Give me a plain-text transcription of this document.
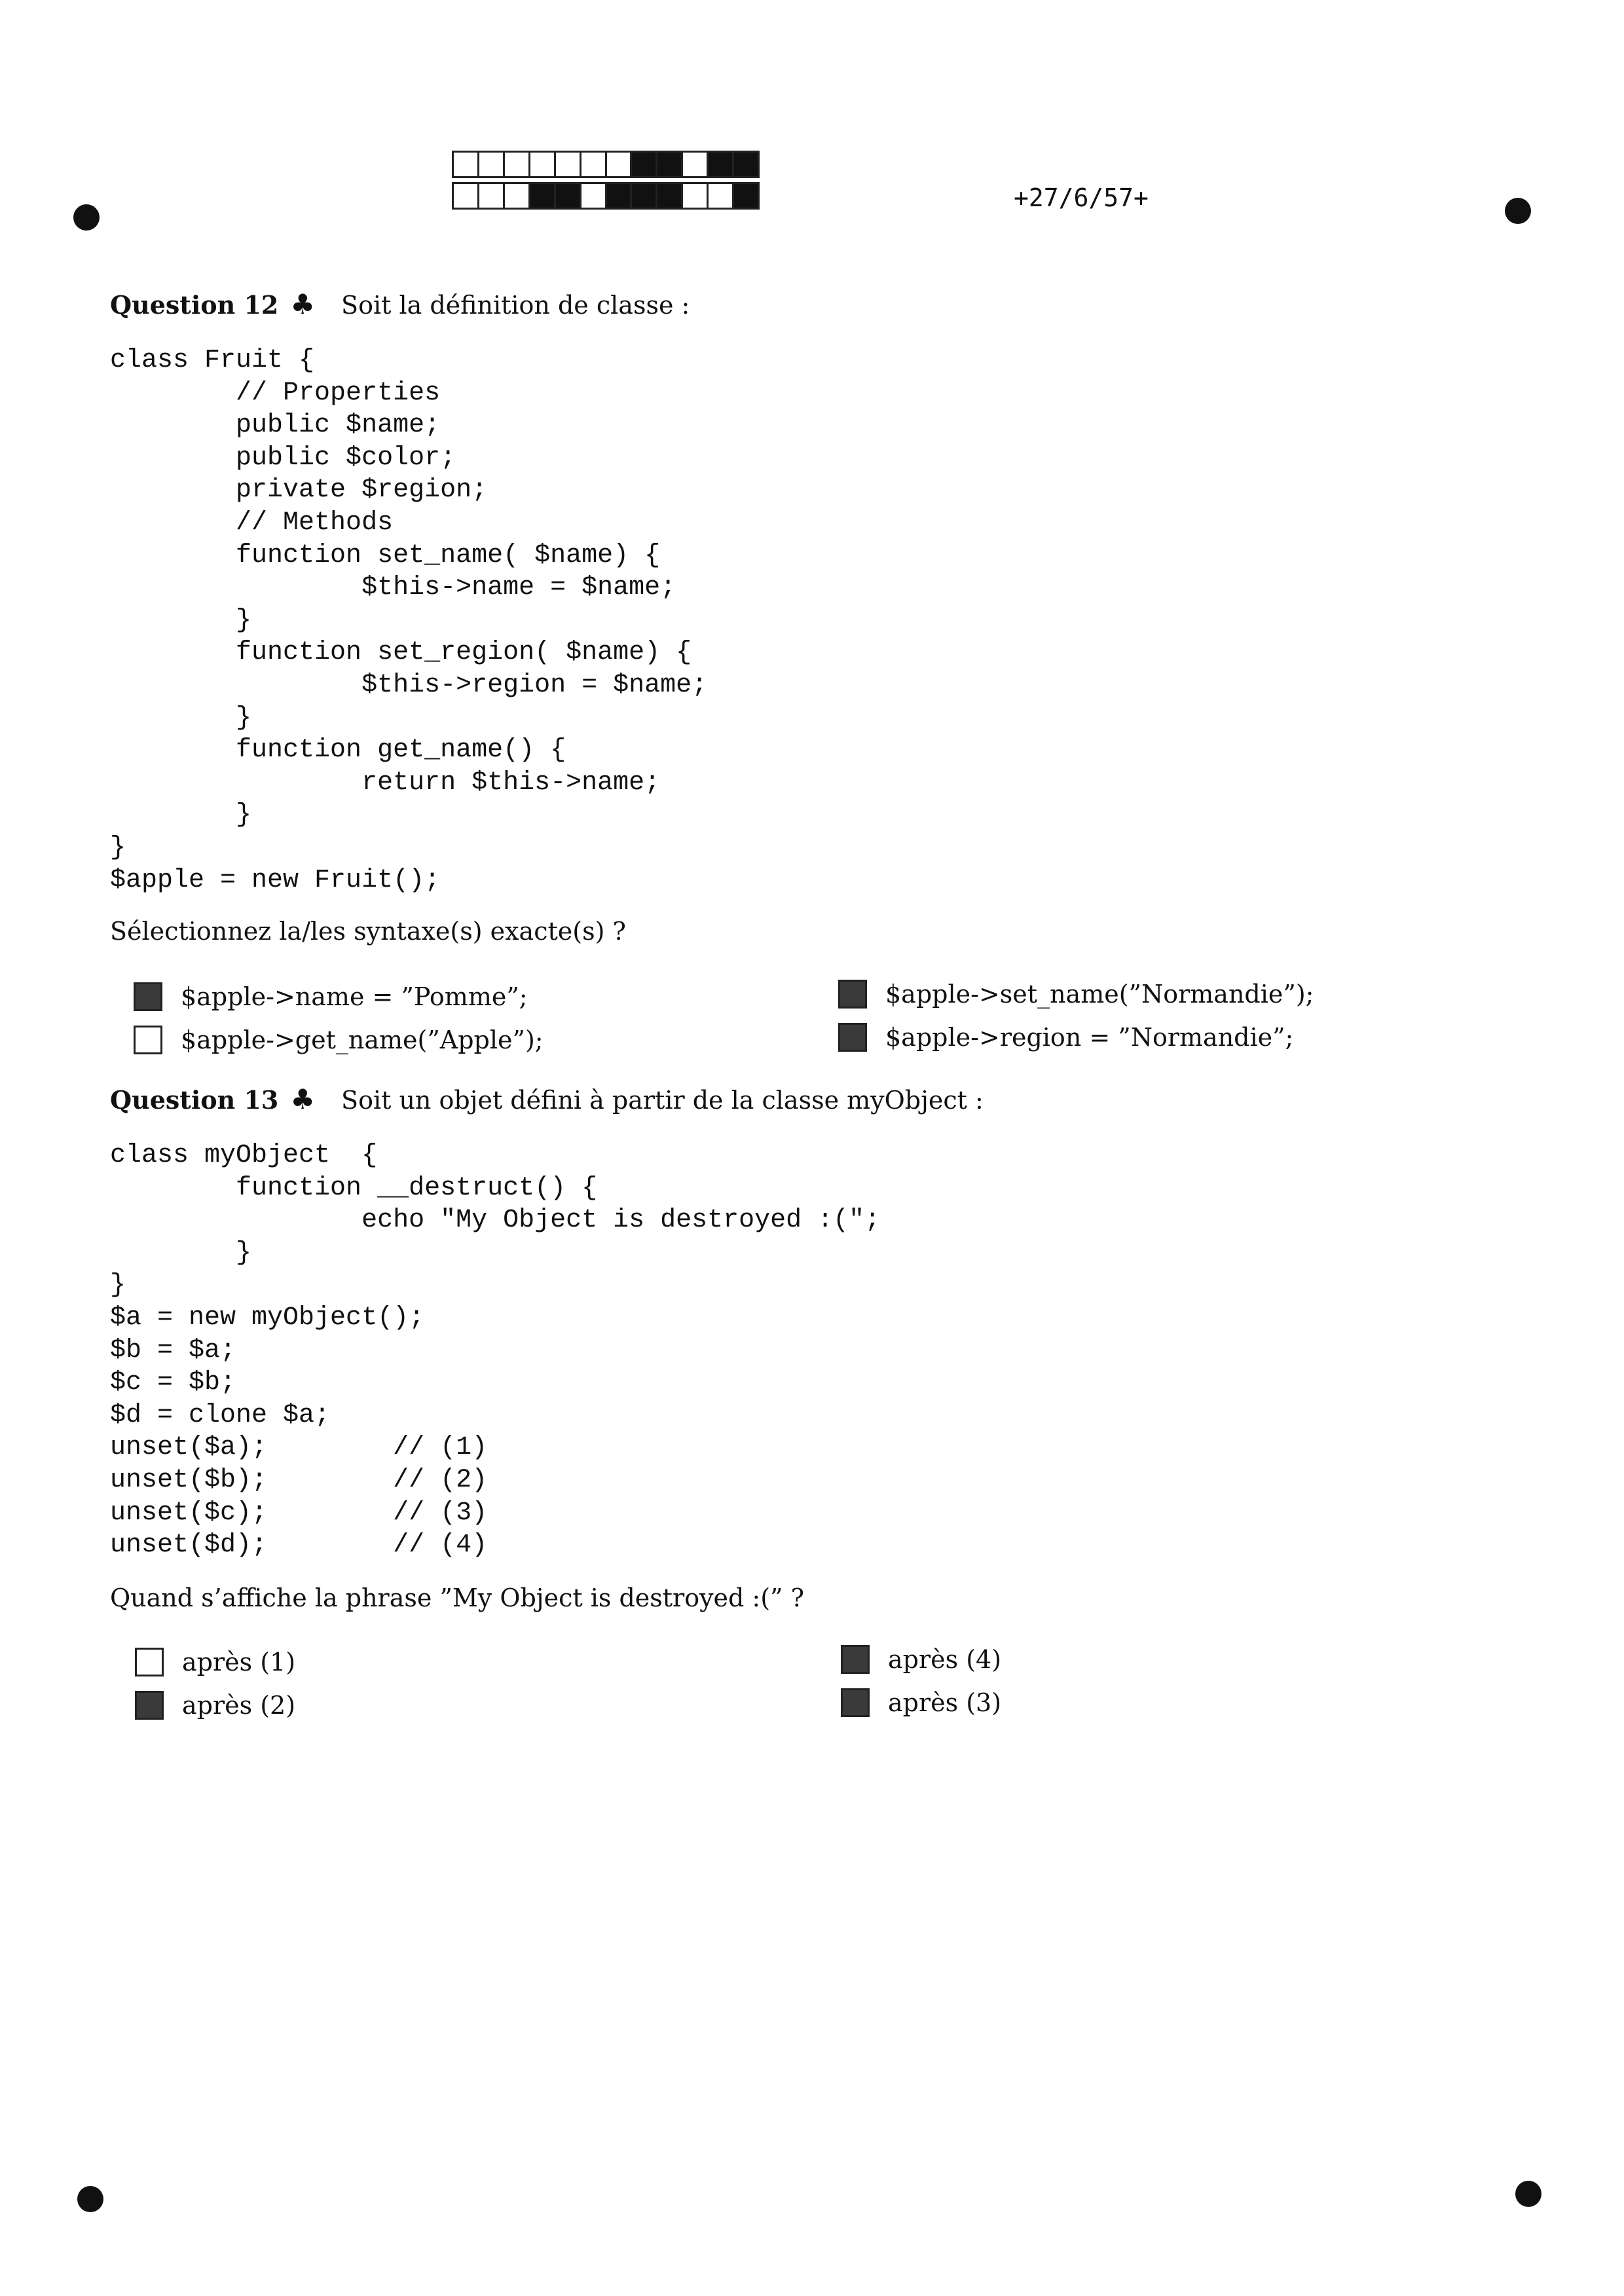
+27/6/57+
Question 12 ♣ Soit la définition de classe :
class Fruit {
// Properties
public $name;
public $color;
private $region;
// Methods
function set_name( $name) {
$this->name = $name;
}
function set_region( $name) {
$this->region = $name;
}
function get_name() {
return $this->name;
}
}
$apple = new Fruit();
Sélectionnez la/les syntaxe(s) exacte(s) ?
$apple->name = ”Pomme”;	$apple->set_name(”Normandie”);
$apple->get_name(”Apple”);	$apple->region = ”Normandie”;
Question 13 ♣ Soit un objet défini à partir de la classe myObject :
class myObject  {
function __destruct() {
echo "My Object is destroyed :(";
}
}
$a = new myObject();
$b = $a;
$c = $b;
$d = clone $a;
unset($a);        // (1)
unset($b);        // (2)
unset($c);        // (3)
unset($d);        // (4)
Quand s’affiche la phrase ”My Object is destroyed :(” ?
après (1)	après (4)
après (2)	après (3)
